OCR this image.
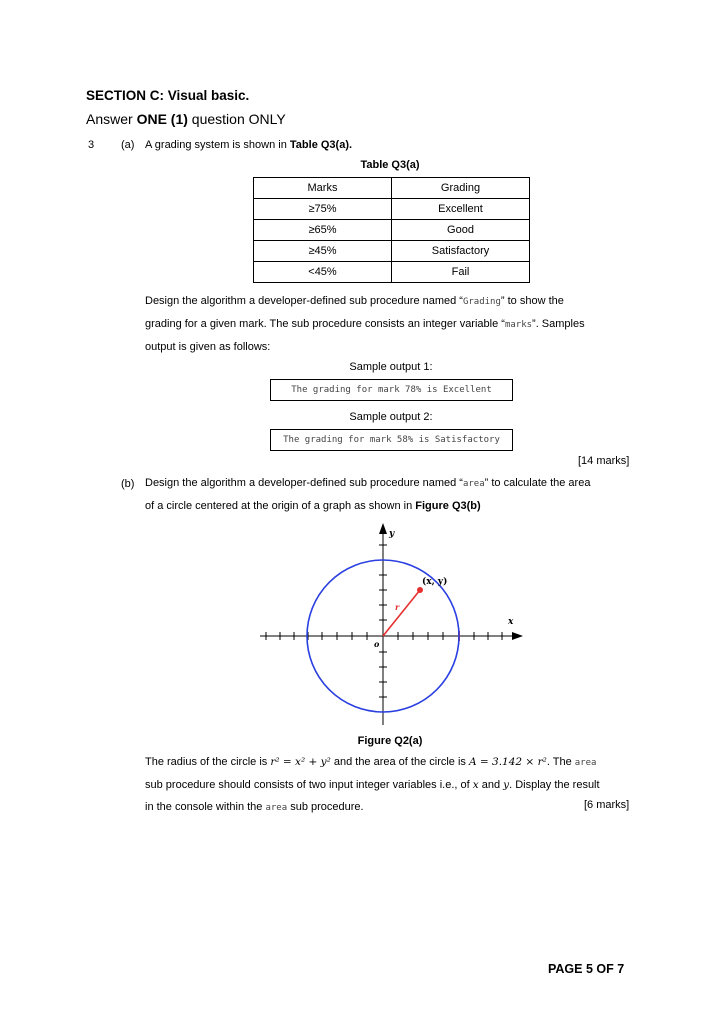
SECTION C: Visual basic.
Answer ONE (1) question ONLY
3 (a) A grading system is shown in Table Q3(a).
Table Q3(a)
Marks	Grading
≥75%	Excellent
≥65%	Good
≥45%	Satisfactory
<45%	Fail
Design the algorithm a developer-defined sub procedure named “Grading” to show the
grading for a given mark. The sub procedure consists an integer variable “marks”. Samples
output is given as follows:
Sample output 1:
The grading for mark 78% is Excellent
Sample output 2:
The grading for mark 58% is Satisfactory
[14 marks]
(b) Design the algorithm a developer-defined sub procedure named “area” to calculate the area
of a circle centered at the origin of a graph as shown in Figure Q3(b)
y
x
o
r
(x, y)
Figure Q2(a)
The radius of the circle is r² = x² + y² and the area of the circle is A = 3.142 × r². The area
sub procedure should consists of two input integer variables i.e., of x and y. Display the result
in the console within the area sub procedure.	[6 marks]
PAGE 5 OF 7
